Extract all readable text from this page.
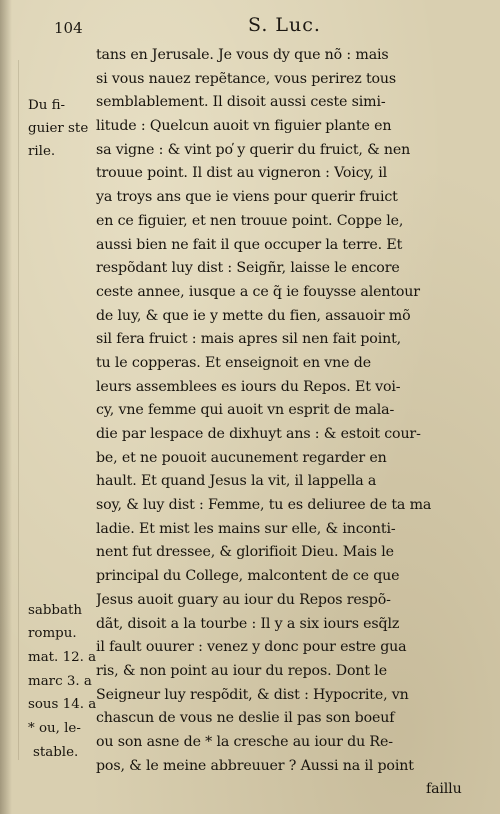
104	S. Luc.
Du fi-
guier ste
rile.
sabbath
rompu.
mat. 12. a
marc 3. a
sous 14. a
* ou, le-
stable.
tans en Jerusale. Je vous dy que nõ : mais
si vous nauez repẽtance, vous perirez tous
semblablement. Il disoit aussi ceste simi-
litude : Quelcun auoit vn figuier plante en
sa vigne : & vint po̕ y querir du fruict, & nen
trouue point. Il dist au vigneron : Voicy, il
ya troys ans que ie viens pour querir fruict
en ce figuier, et nen trouue point. Coppe le,
aussi bien ne fait il que occuper la terre. Et
respõdant luy dist : Seigñr, laisse le encore
ceste annee, iusque a ce q̃ ie fouysse alentour
de luy, & que ie y mette du fien, assauoir mõ
sil fera fruict : mais apres sil nen fait point,
tu le copperas. Et enseignoit en vne de
leurs assemblees es iours du Repos. Et voi-
cy, vne femme qui auoit vn esprit de mala-
die par lespace de dixhuyt ans : & estoit cour-
be, et ne pouoit aucunement regarder en
hault. Et quand Jesus la vit, il lappella a
soy, & luy dist : Femme, tu es deliuree de ta ma
ladie. Et mist les mains sur elle, & inconti-
nent fut dressee, & glorifioit Dieu. Mais le
principal du College, malcontent de ce que
Jesus auoit guary au iour du Repos respõ-
dãt, disoit a la tourbe : Il y a six iours esq̃lz
il fault ouurer : venez y donc pour estre gua
ris, & non point au iour du repos. Dont le
Seigneur luy respõdit, & dist : Hypocrite, vn
chascun de vous ne deslie il pas son boeuf
ou son asne de * la cresche au iour du Re-
pos, & le meine abbreuuer ? Aussi na il point
faillu
